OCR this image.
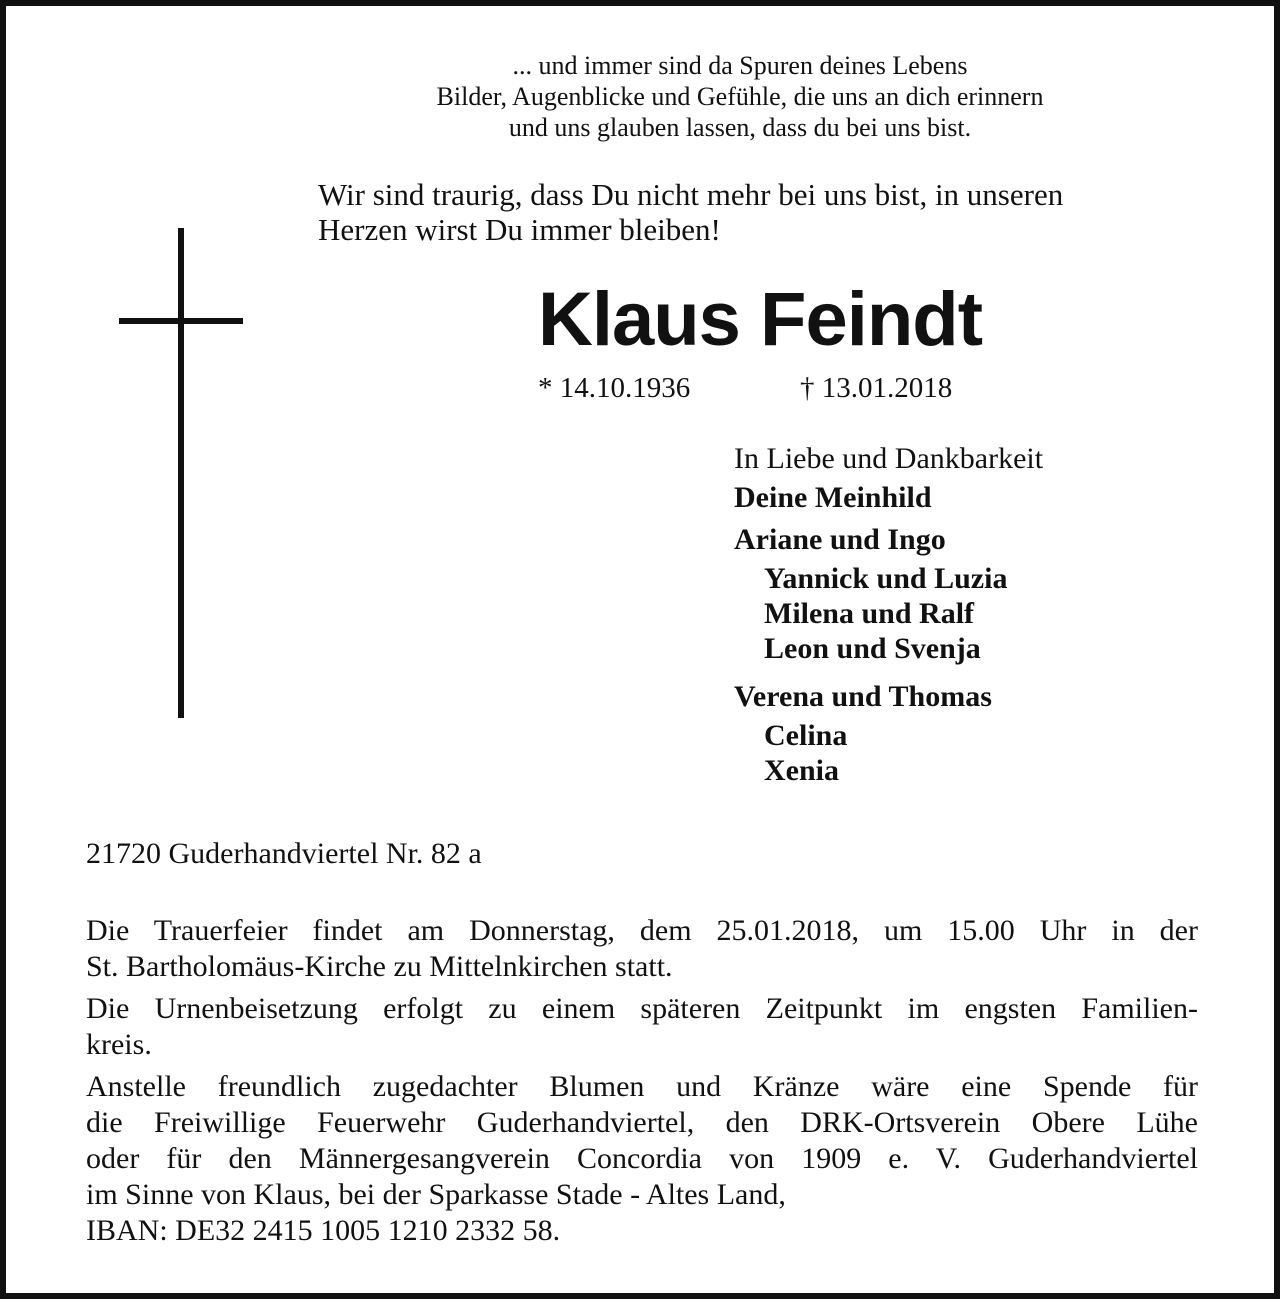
... und immer sind da Spuren deines Lebens
Bilder, Augenblicke und Gefühle, die uns an dich erinnern
und uns glauben lassen, dass du bei uns bist.
Wir sind traurig, dass Du nicht mehr bei uns bist, in unseren
Herzen wirst Du immer bleiben!
Klaus Feindt
* 14.10.1936	† 13.01.2018
In Liebe und Dankbarkeit
Deine Meinhild
Ariane und Ingo
Yannick und Luzia
Milena und Ralf
Leon und Svenja
Verena und Thomas
Celina
Xenia
21720 Guderhandviertel Nr. 82 a

Die Trauerfeier findet am Donnerstag, dem 25.01.2018, um 15.00 Uhr in der
St. Bartholomäus-Kirche zu Mittelnkirchen statt.

Die Urnenbeisetzung erfolgt zu einem späteren Zeitpunkt im engsten Familien-
kreis.

Anstelle freundlich zugedachter Blumen und Kränze wäre eine Spende für
die Freiwillige Feuerwehr Guderhandviertel, den DRK-Ortsverein Obere Lühe
oder für den Männergesangverein Concordia von 1909 e. V. Guderhandviertel
im Sinne von Klaus, bei der Sparkasse Stade - Altes Land,
IBAN: DE32 2415 1005 1210 2332 58.
